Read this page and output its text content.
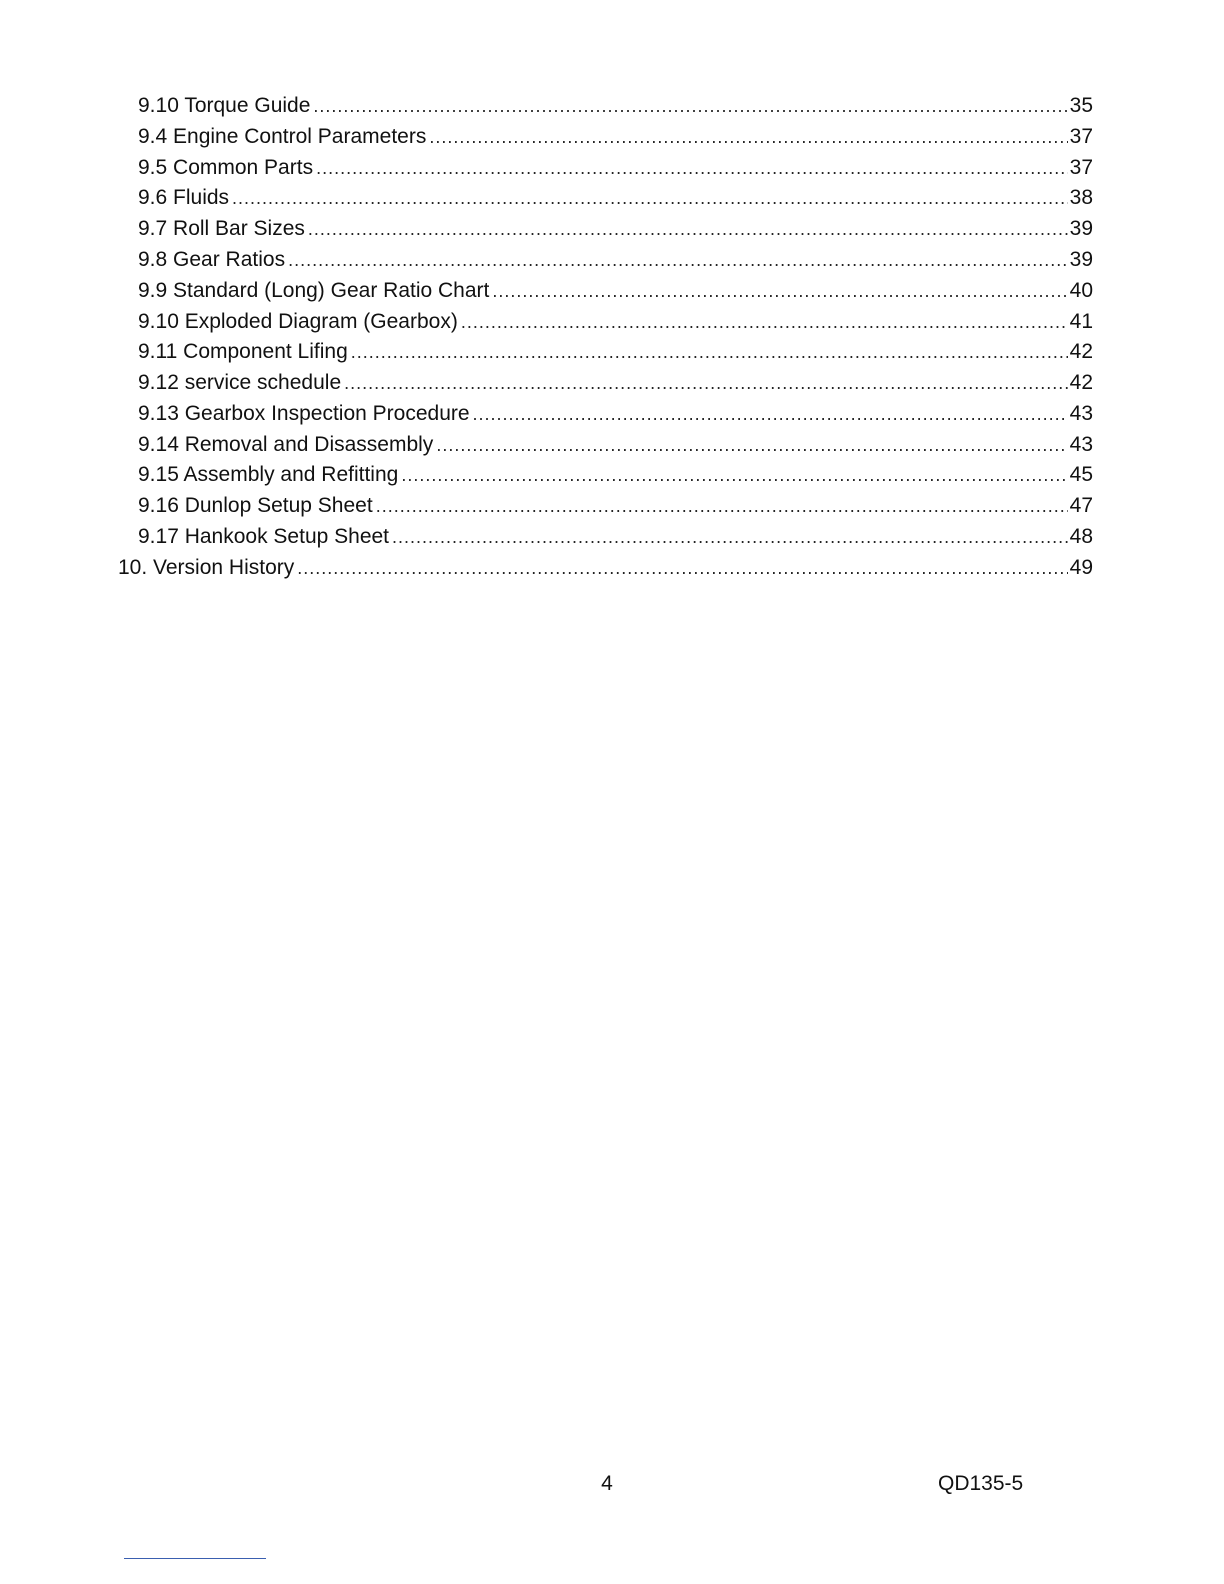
9.10 Torque Guide .....	35
9.4 Engine Control Parameters .....	37
9.5 Common Parts .....	37
9.6 Fluids .....	38
9.7 Roll Bar Sizes .....	39
9.8 Gear Ratios .....	39
9.9 Standard (Long) Gear Ratio Chart .....	40
9.10 Exploded Diagram (Gearbox) .....	41
9.11 Component Lifing .....	42
9.12 service schedule .....	42
9.13 Gearbox Inspection Procedure .....	43
9.14 Removal and Disassembly .....	43
9.15 Assembly and Refitting .....	45
9.16 Dunlop Setup Sheet .....	47
9.17 Hankook Setup Sheet .....	48
10. Version History .....	49
4	QD135-5
